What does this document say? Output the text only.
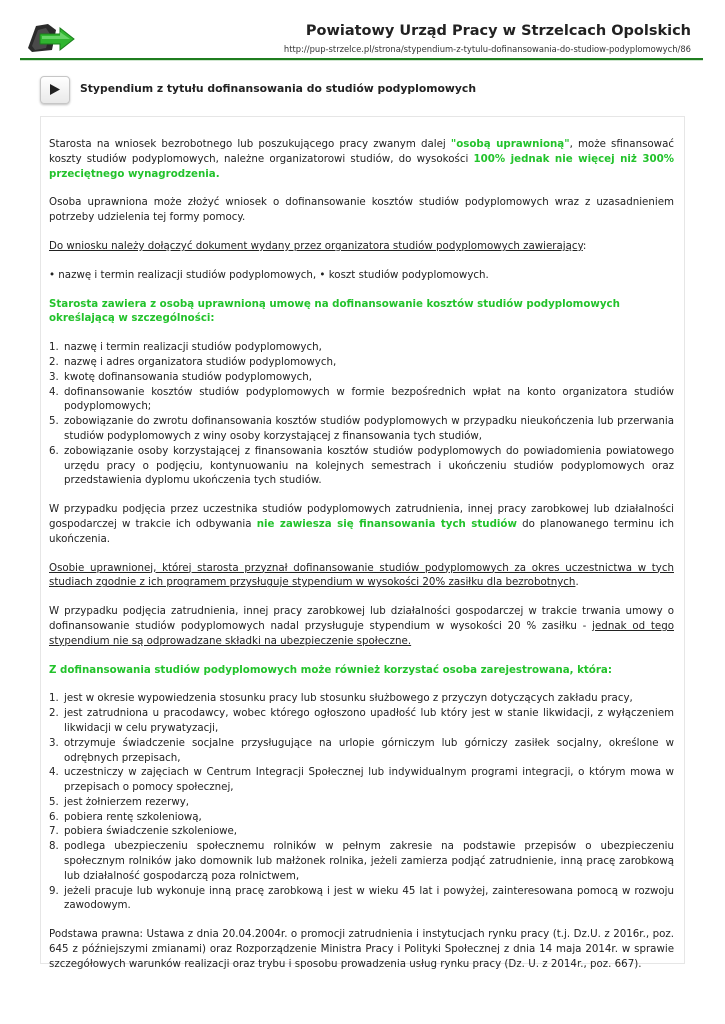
Powiatowy Urząd Pracy w Strzelcach Opolskich
http://pup-strzelce.pl/strona/stypendium-z-tytulu-dofinansowania-do-studiow-podyplomowych/86
Stypendium z tytułu dofinansowania do studiów podyplomowych

Starosta na wniosek bezrobotnego lub poszukującego pracy zwanym dalej "osobą uprawnioną", może sfinansować koszty studiów podyplomowych, należne organizatorowi studiów, do wysokości 100% jednak nie więcej niż 300% przeciętnego wynagrodzenia.

Osoba uprawniona może złożyć wniosek o dofinansowanie kosztów studiów podyplomowych wraz z uzasadnieniem potrzeby udzielenia tej formy pomocy.

Do wniosku należy dołączyć dokument wydany przez organizatora studiów podyplomowych zawierający:

• nazwę i termin realizacji studiów podyplomowych, • koszt studiów podyplomowych.

Starosta zawiera z osobą uprawnioną umowę na dofinansowanie kosztów studiów podyplomowych określającą w szczególności:

1. nazwę i termin realizacji studiów podyplomowych,
2. nazwę i adres organizatora studiów podyplomowych,
3. kwotę dofinansowania studiów podyplomowych,
4. dofinansowanie kosztów studiów podyplomowych w formie bezpośrednich wpłat na konto organizatora studiów podyplomowych;
5. zobowiązanie do zwrotu dofinansowania kosztów studiów podyplomowych w przypadku nieukończenia lub przerwania studiów podyplomowych z winy osoby korzystającej z finansowania tych studiów,
6. zobowiązanie osoby korzystającej z finansowania kosztów studiów podyplomowych do powiadomienia powiatowego urzędu pracy o podjęciu, kontynuowaniu na kolejnych semestrach i ukończeniu studiów podyplomowych oraz przedstawienia dyplomu ukończenia tych studiów.

W przypadku podjęcia przez uczestnika studiów podyplomowych zatrudnienia, innej pracy zarobkowej lub działalności gospodarczej w trakcie ich odbywania nie zawiesza się finansowania tych studiów do planowanego terminu ich ukończenia.

Osobie uprawnionej, której starosta przyznał dofinansowanie studiów podyplomowych za okres uczestnictwa w tych studiach zgodnie z ich programem przysługuje stypendium w wysokości 20% zasiłku dla bezrobotnych.

W przypadku podjęcia zatrudnienia, innej pracy zarobkowej lub działalności gospodarczej w trakcie trwania umowy o dofinansowanie studiów podyplomowych nadal przysługuje stypendium w wysokości 20 % zasiłku - jednak od tego stypendium nie są odprowadzane składki na ubezpieczenie społeczne.

Z dofinansowania studiów podyplomowych może również korzystać osoba zarejestrowana, która:

1. jest w okresie wypowiedzenia stosunku pracy lub stosunku służbowego z przyczyn dotyczących zakładu pracy,
2. jest zatrudniona u pracodawcy, wobec którego ogłoszono upadłość lub który jest w stanie likwidacji, z wyłączeniem likwidacji w celu prywatyzacji,
3. otrzymuje świadczenie socjalne przysługujące na urlopie górniczym lub górniczy zasiłek socjalny, określone w odrębnych przepisach,
4. uczestniczy w zajęciach w Centrum Integracji Społecznej lub indywidualnym programi integracji, o którym mowa w przepisach o pomocy społecznej,
5. jest żołnierzem rezerwy,
6. pobiera rentę szkoleniową,
7. pobiera świadczenie szkoleniowe,
8. podlega ubezpieczeniu społecznemu rolników w pełnym zakresie na podstawie przepisów o ubezpieczeniu społecznym rolników jako domownik lub małżonek rolnika, jeżeli zamierza podjąć zatrudnienie, inną pracę zarobkową lub działalność gospodarczą poza rolnictwem,
9. jeżeli pracuje lub wykonuje inną pracę zarobkową i jest w wieku 45 lat i powyżej, zainteresowana pomocą w rozwoju zawodowym.

Podstawa prawna: Ustawa z dnia 20.04.2004r. o promocji zatrudnienia i instytucjach rynku pracy (t.j. Dz.U. z 2016r., poz. 645 z późniejszymi zmianami) oraz Rozporządzenie Ministra Pracy i Polityki Społecznej z dnia 14 maja 2014r. w sprawie szczegółowych warunków realizacji oraz trybu i sposobu prowadzenia usług rynku pracy (Dz. U. z 2014r., poz. 667).
